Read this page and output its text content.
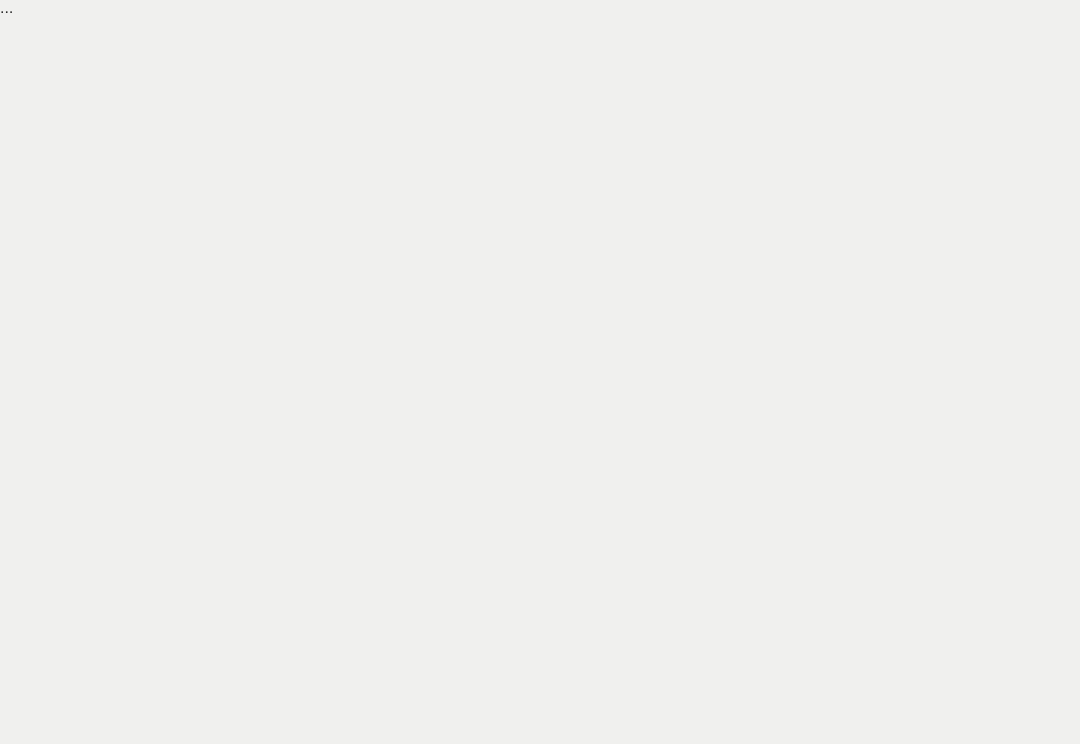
...
